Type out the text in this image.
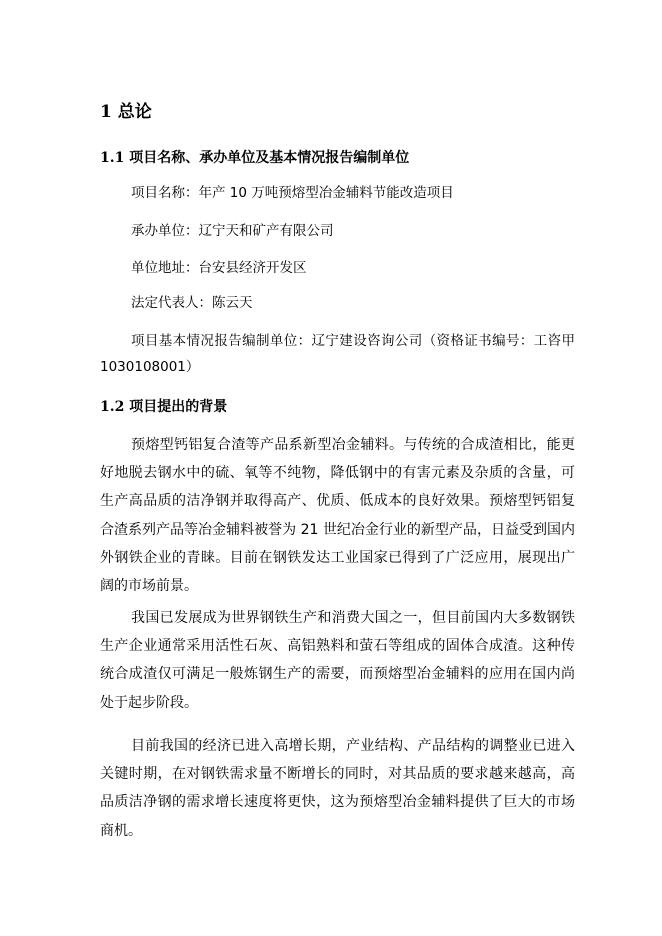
1 总论
1.1 项目名称、承办单位及基本情况报告编制单位
项目名称：年产 10 万吨预熔型冶金辅料节能改造项目
承办单位：辽宁天和矿产有限公司
单位地址：台安县经济开发区
法定代表人：陈云天

项目基本情况报告编制单位：辽宁建设咨询公司（资格证书编号：工咨甲 1030108001）

1.2 项目提出的背景

预熔型钙铝复合渣等产品系新型冶金辅料。与传统的合成渣相比，能更好地脱去钢水中的硫、氧等不纯物，降低钢中的有害元素及杂质的含量，可生产高品质的洁净钢并取得高产、优质、低成本的良好效果。预熔型钙铝复合渣系列产品等冶金辅料被誉为 21 世纪冶金行业的新型产品，日益受到国内外钢铁企业的青睐。目前在钢铁发达工业国家已得到了广泛应用，展现出广阔的市场前景。

我国已发展成为世界钢铁生产和消费大国之一，但目前国内大多数钢铁生产企业通常采用活性石灰、高铝熟料和萤石等组成的固体合成渣。这种传统合成渣仅可满足一般炼钢生产的需要，而预熔型冶金辅料的应用在国内尚处于起步阶段。

目前我国的经济已进入高增长期，产业结构、产品结构的调整业已进入关键时期，在对钢铁需求量不断增长的同时，对其品质的要求越来越高，高品质洁净钢的需求增长速度将更快，这为预熔型冶金辅料提供了巨大的市场商机。
